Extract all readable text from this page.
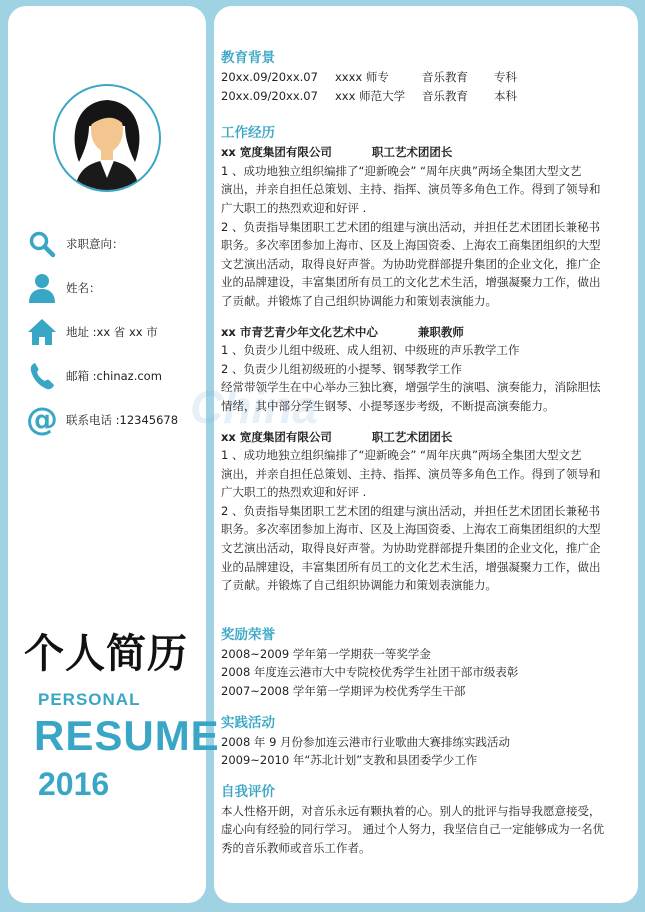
求职意向：
姓名：
地址 :xx 省 xx 市
邮箱 :chinaz.com
@ 联系电话 :12345678
个人简历
PERSONAL
RESUME
2016
教育背景
20xx.09/20xx.07	xxxx 师专	音乐教育	专科
20xx.09/20xx.07	xxx 师范大学	音乐教育	本科
工作经历
xx 宽度集团有限公司	职工艺术团团长

1 、成功地独立组织编排了“迎新晚会” “周年庆典”两场全集团大型文艺

演出，并亲自担任总策划、主持、指挥、演员等多角色工作。得到了领导和

广大职工的热烈欢迎和好评 .

2 、负责指导集团职工艺术团的组建与演出活动，并担任艺术团团长兼秘书

职务。多次率团参加上海市、区及上海国资委、上海农工商集团组织的大型

文艺演出活动，取得良好声誉。为协助党群部提升集团的企业文化，推广企

业的品牌建设，丰富集团所有员工的文化艺术生活，增强凝聚力工作，做出

了贡献。并锻炼了自己组织协调能力和策划表演能力。

xx 市青艺青少年文化艺术中心	兼职教师

1 、负责少儿组中级班、成人组初、中级班的声乐教学工作

2 、负责少儿组初级班的小提琴、钢琴教学工作

经常带领学生在中心举办三独比赛，增强学生的演唱、演奏能力，消除胆怯

情绪，其中部分学生钢琴、小提琴逐步考级，不断提高演奏能力。

xx 宽度集团有限公司	职工艺术团团长

1 、成功地独立组织编排了“迎新晚会” “周年庆典”两场全集团大型文艺

演出，并亲自担任总策划、主持、指挥、演员等多角色工作。得到了领导和

广大职工的热烈欢迎和好评 .

2 、负责指导集团职工艺术团的组建与演出活动，并担任艺术团团长兼秘书

职务。多次率团参加上海市、区及上海国资委、上海农工商集团组织的大型

文艺演出活动，取得良好声誉。为协助党群部提升集团的企业文化，推广企

业的品牌建设，丰富集团所有员工的文化艺术生活，增强凝聚力工作，做出

了贡献。并锻炼了自己组织协调能力和策划表演能力。

奖励荣誉

2008~2009 学年第一学期获一等奖学金

2008 年度连云港市大中专院校优秀学生社团干部市级表彰

2007~2008 学年第一学期评为校优秀学生干部

实践活动

2008 年 9 月份参加连云港市行业歌曲大赛排练实践活动

2009~2010 年“苏北计划”支教和县团委学少工作

自我评价

本人性格开朗，对音乐永远有颗执着的心。别人的批评与指导我愿意接受，

虚心向有经验的同行学习。 通过个人努力，我坚信自己一定能够成为一名优

秀的音乐教师或音乐工作者。
